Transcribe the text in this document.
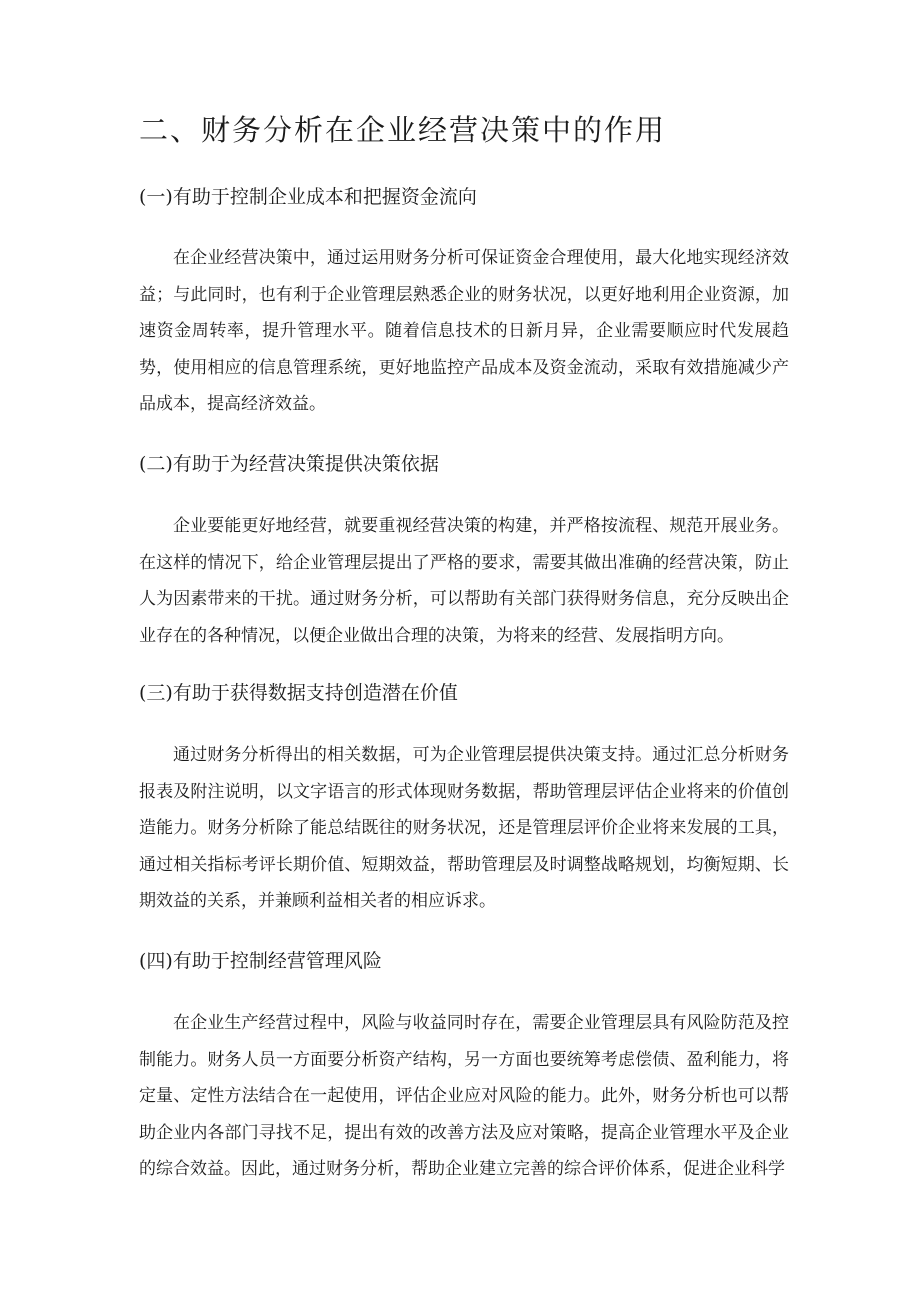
二、财务分析在企业经营决策中的作用
(一)有助于控制企业成本和把握资金流向

在企业经营决策中，通过运用财务分析可保证资金合理使用，最大化地实现经济效益；与此同时，也有利于企业管理层熟悉企业的财务状况，以更好地利用企业资源，加速资金周转率，提升管理水平。随着信息技术的日新月异，企业需要顺应时代发展趋势，使用相应的信息管理系统，更好地监控产品成本及资金流动，采取有效措施减少产品成本，提高经济效益。

(二)有助于为经营决策提供决策依据

企业要能更好地经营，就要重视经营决策的构建，并严格按流程、规范开展业务。在这样的情况下，给企业管理层提出了严格的要求，需要其做出准确的经营决策，防止人为因素带来的干扰。通过财务分析，可以帮助有关部门获得财务信息，充分反映出企业存在的各种情况，以便企业做出合理的决策，为将来的经营、发展指明方向。

(三)有助于获得数据支持创造潜在价值

通过财务分析得出的相关数据，可为企业管理层提供决策支持。通过汇总分析财务报表及附注说明，以文字语言的形式体现财务数据，帮助管理层评估企业将来的价值创造能力。财务分析除了能总结既往的财务状况，还是管理层评价企业将来发展的工具，通过相关指标考评长期价值、短期效益，帮助管理层及时调整战略规划，均衡短期、长期效益的关系，并兼顾利益相关者的相应诉求。

(四)有助于控制经营管理风险

在企业生产经营过程中，风险与收益同时存在，需要企业管理层具有风险防范及控制能力。财务人员一方面要分析资产结构，另一方面也要统筹考虑偿债、盈利能力，将定量、定性方法结合在一起使用，评估企业应对风险的能力。此外，财务分析也可以帮助企业内各部门寻找不足，提出有效的改善方法及应对策略，提高企业管理水平及企业的综合效益。因此，通过财务分析，帮助企业建立完善的综合评价体系，促进企业科学
